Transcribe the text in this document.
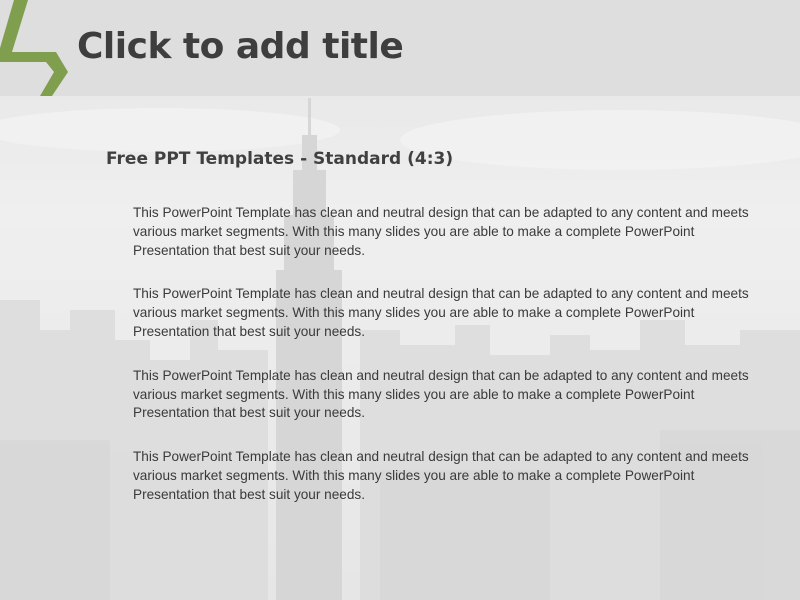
Click to add title
Free PPT Templates - Standard (4:3)

This PowerPoint Template has clean and neutral design that can be adapted to any content and meets various market segments. With this many slides you are able to make a complete PowerPoint Presentation that best suit your needs.

This PowerPoint Template has clean and neutral design that can be adapted to any content and meets various market segments. With this many slides you are able to make a complete PowerPoint Presentation that best suit your needs.

This PowerPoint Template has clean and neutral design that can be adapted to any content and meets various market segments. With this many slides you are able to make a complete PowerPoint Presentation that best suit your needs.

This PowerPoint Template has clean and neutral design that can be adapted to any content and meets various market segments. With this many slides you are able to make a complete PowerPoint Presentation that best suit your needs.
